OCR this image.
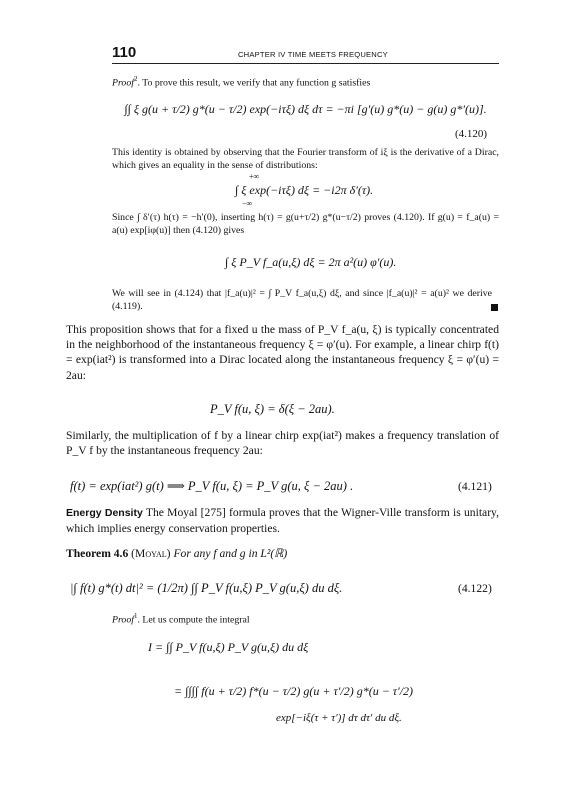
110	CHAPTER IV TIME MEETS FREQUENCY
Proof$^2$. To prove this result, we verify that any function g satisfies
∫∫ ξ g(u + τ/2) g*(u − τ/2) exp(−iτξ) dξ dτ = −πi [g′(u) g*(u) − g(u) g*′(u)].
(4.120)
This identity is obtained by observing that the Fourier transform of iξ is the derivative of a Dirac, which gives an equality in the sense of distributions:
+∞
∫ ξ exp(−iτξ) dξ = −i2π δ′(τ).
−∞
Since ∫ δ′(τ) h(τ) = −h′(0), inserting h(τ) = g(u+τ/2) g*(u−τ/2) proves (4.120). If g(u) = f_a(u) = a(u) exp[iφ(u)] then (4.120) gives
∫ ξ P_V f_a(u,ξ) dξ = 2π a²(u) φ′(u).
We will see in (4.124) that |f_a(u)|² = ∫ P_V f_a(u,ξ) dξ, and since |f_a(u)|² = a(u)² we derive (4.119).
This proposition shows that for a fixed u the mass of P_V f_a(u, ξ) is typically concentrated in the neighborhood of the instantaneous frequency ξ = φ′(u). For example, a linear chirp f(t) = exp(iat²) is transformed into a Dirac located along the instantaneous frequency ξ = φ′(u) = 2au:
P_V f(u, ξ) = δ(ξ − 2au).
Similarly, the multiplication of f by a linear chirp exp(iat²) makes a frequency translation of P_V f by the instantaneous frequency 2au:
f(t) = exp(iat²) g(t) ⟹ P_V f(u, ξ) = P_V g(u, ξ − 2au) .	(4.121)
Energy Density The Moyal [275] formula proves that the Wigner-Ville transform is unitary, which implies energy conservation properties.
Theorem 4.6 (Moyal) For any f and g in L²(ℝ)
|∫ f(t) g*(t) dt|² = (1/2π) ∫∫ P_V f(u,ξ) P_V g(u,ξ) du dξ.	(4.122)
Proof$^1$. Let us compute the integral
I = ∫∫ P_V f(u,ξ) P_V g(u,ξ) du dξ
= ∫∫∫∫ f(u + τ/2) f*(u − τ/2) g(u + τ′/2) g*(u − τ′/2)
exp[−iξ(τ + τ′)] dτ dτ′ du dξ.
